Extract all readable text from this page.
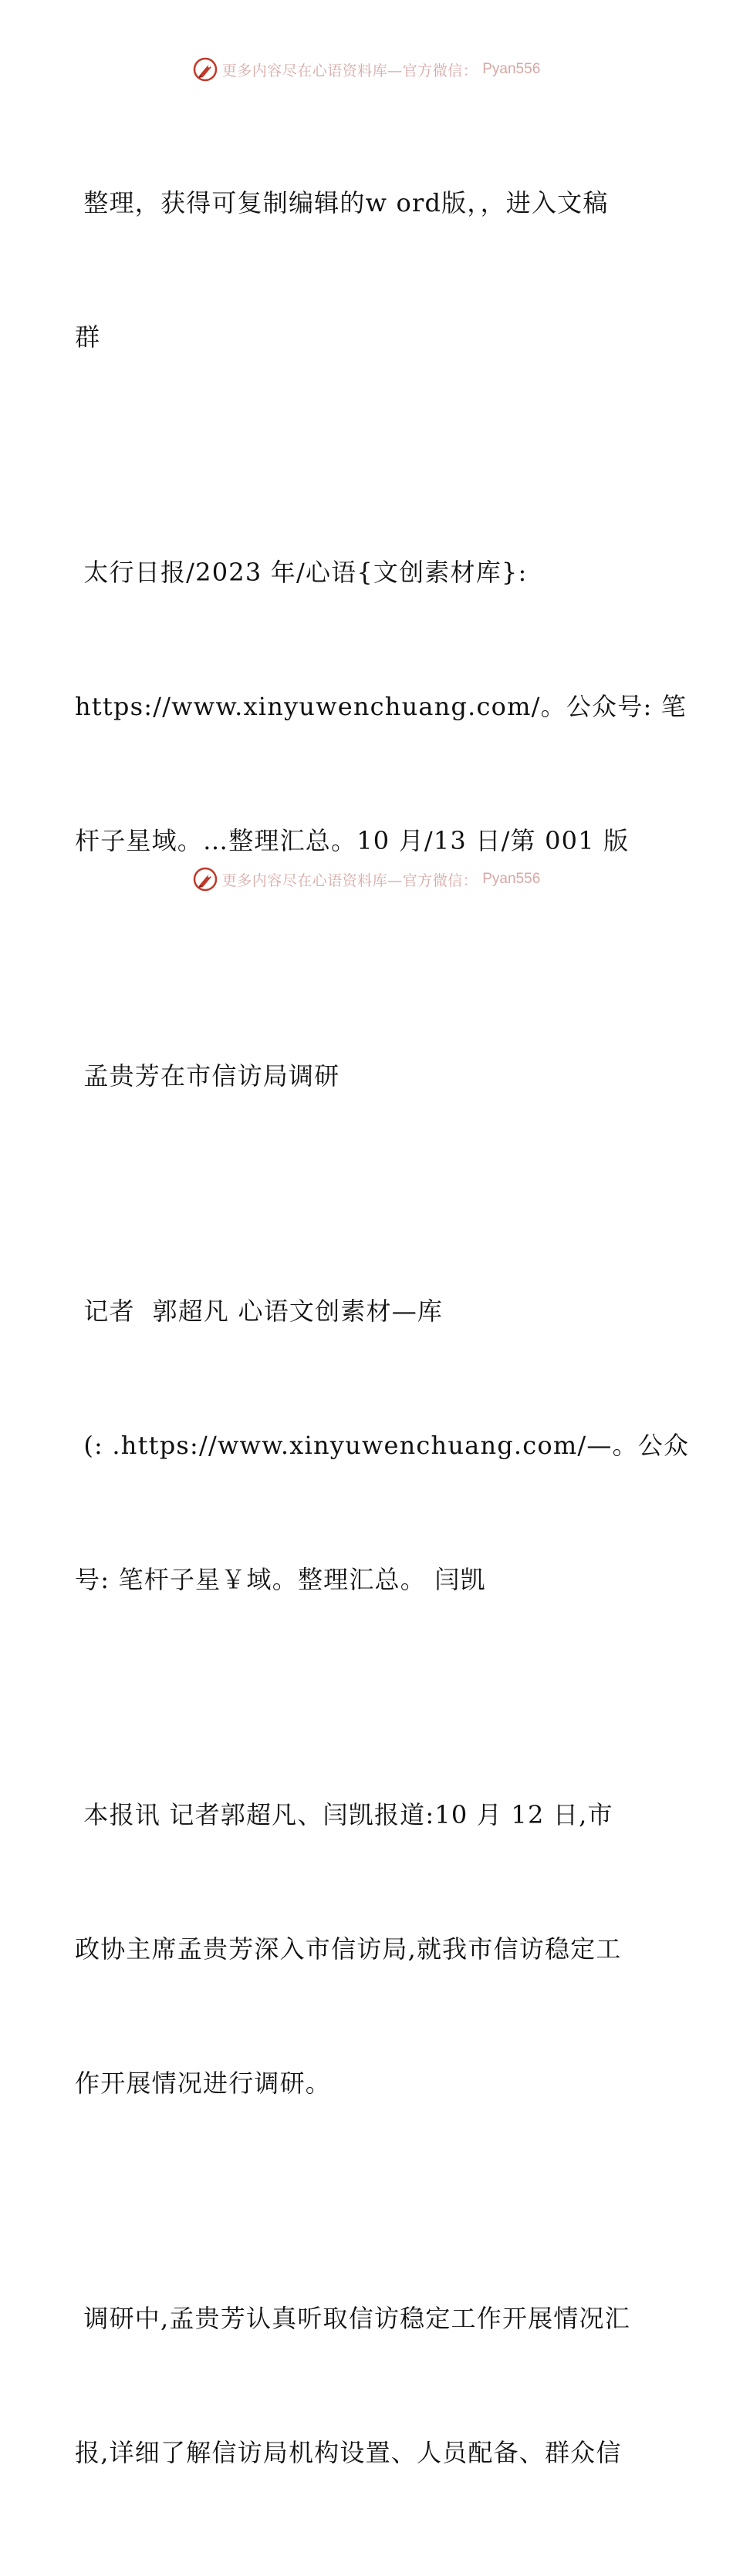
更多内容尽在心语资料库—官方微信： Pyan556

整理，获得可复制编辑的w ord版，，进入文稿

群

太行日报/2023 年/心语{文创素材库}:

https://www.xinyuwenchuang.com/。公众号: 笔

杆子星域。…整理汇总。10 月/13 日/第 001 版

孟贵芳在市信访局调研

记者  郭超凡 心语文创素材—库

(: .https://www.xinyuwenchuang.com/—。公众

号: 笔杆子星￥域。整理汇总。 闫凯

本报讯 记者郭超凡、闫凯报道:10 月 12 日,市

政协主席孟贵芳深入市信访局,就我市信访稳定工

作开展情况进行调研。

调研中,孟贵芳认真听取信访稳定工作开展情况汇

报,详细了解信访局机构设置、人员配备、群众信

更多内容尽在心语资料库—官方微信： Pyan556
